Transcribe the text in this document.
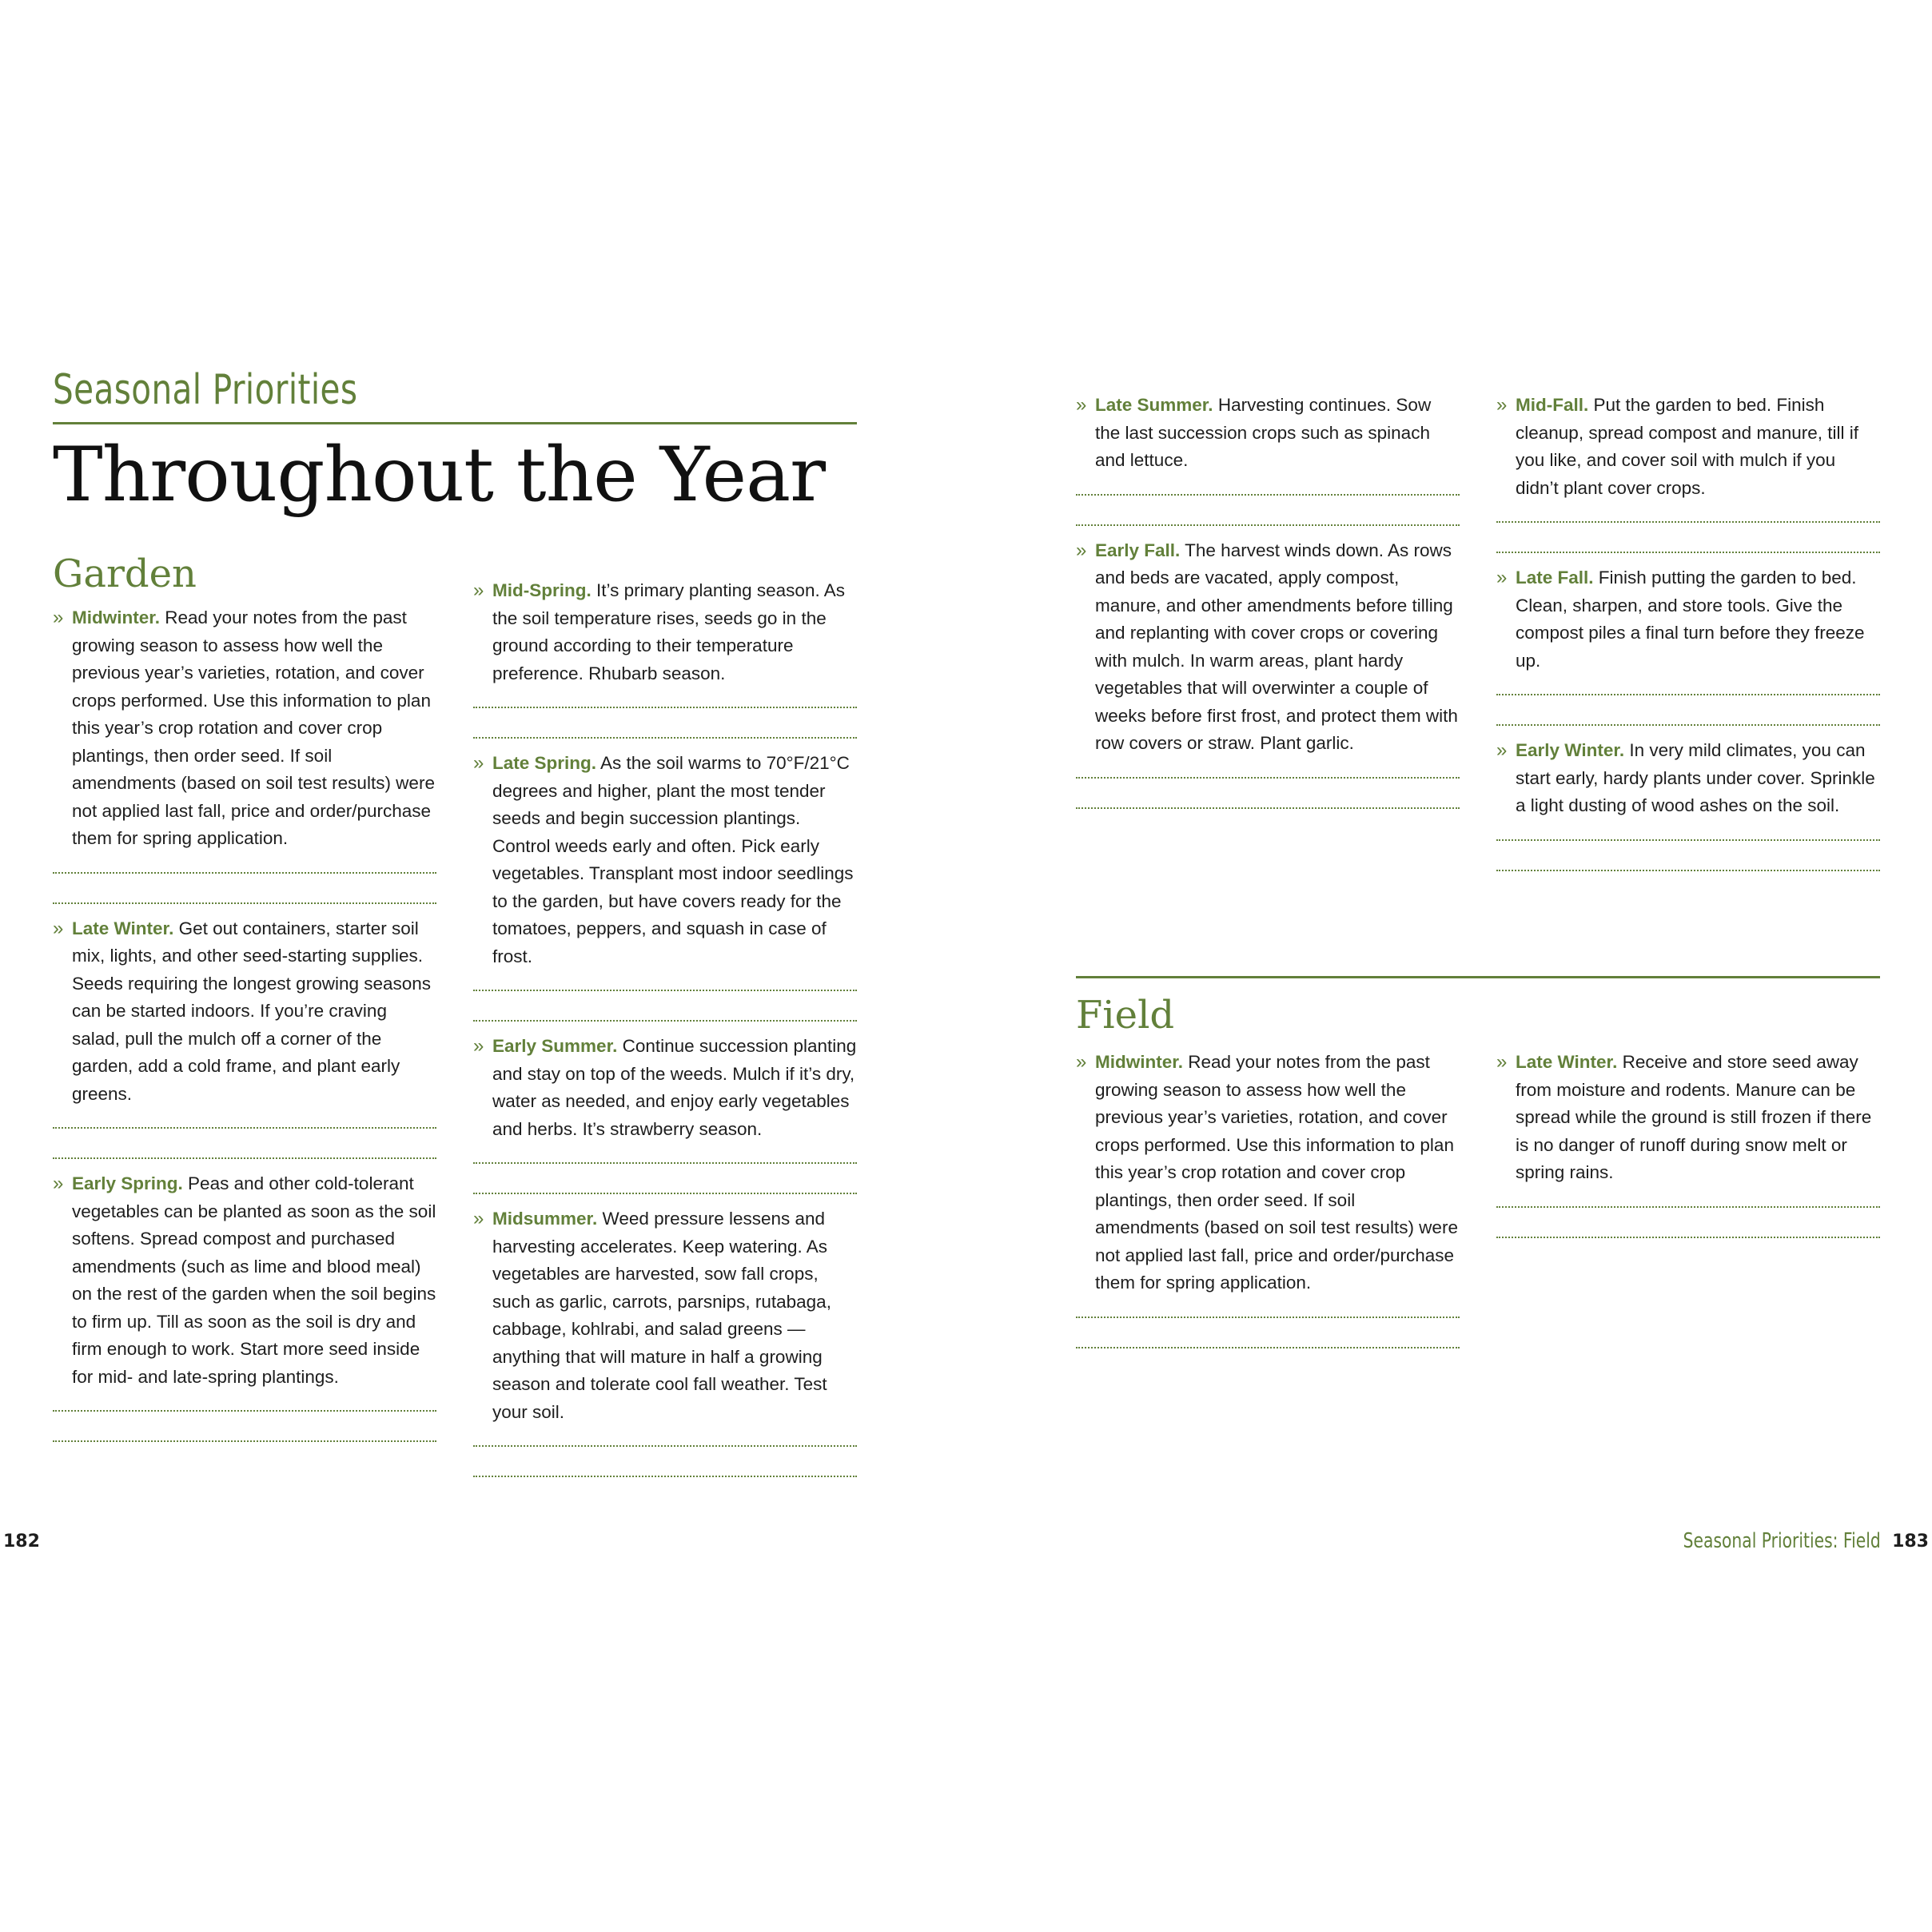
Seasonal Priorities
Throughout the Year
Garden
» Midwinter. Read your notes from the past growing season to assess how well the previous year’s varieties, rotation, and cover crops performed. Use this information to plan this year’s crop rotation and cover crop plantings, then order seed. If soil amendments (based on soil test results) were not applied last fall, price and order/purchase them for spring application.
» Late Winter. Get out containers, starter soil mix, lights, and other seed-starting supplies. Seeds requiring the longest growing seasons can be started indoors. If you’re craving salad, pull the mulch off a corner of the garden, add a cold frame, and plant early greens.
» Early Spring. Peas and other cold-tolerant vegetables can be planted as soon as the soil softens. Spread compost and purchased amendments (such as lime and blood meal) on the rest of the garden when the soil begins to firm up. Till as soon as the soil is dry and firm enough to work. Start more seed inside for mid- and late-spring plantings.
» Mid-Spring. It’s primary planting season. As the soil temperature rises, seeds go in the ground according to their temperature preference. Rhubarb season.
» Late Spring. As the soil warms to 70°F/21°C degrees and higher, plant the most tender seeds and begin succession plantings. Control weeds early and often. Pick early vegetables. Transplant most indoor seedlings to the garden, but have covers ready for the tomatoes, peppers, and squash in case of frost.
» Early Summer. Continue succession planting and stay on top of the weeds. Mulch if it’s dry, water as needed, and enjoy early vegetables and herbs. It’s strawberry season.
» Midsummer. Weed pressure lessens and harvesting accelerates. Keep watering. As vegetables are harvested, sow fall crops, such as garlic, carrots, parsnips, rutabaga, cabbage, kohlrabi, and salad greens — anything that will mature in half a growing season and tolerate cool fall weather. Test your soil.
» Late Summer. Harvesting continues. Sow the last succession crops such as spinach and lettuce.
» Early Fall. The harvest winds down. As rows and beds are vacated, apply compost, manure, and other amendments before tilling and replanting with cover crops or covering with mulch. In warm areas, plant hardy vegetables that will overwinter a couple of weeks before first frost, and protect them with row covers or straw. Plant garlic.
» Mid-Fall. Put the garden to bed. Finish cleanup, spread compost and manure, till if you like, and cover soil with mulch if you didn’t plant cover crops.
» Late Fall. Finish putting the garden to bed. Clean, sharpen, and store tools. Give the compost piles a final turn before they freeze up.
» Early Winter. In very mild climates, you can start early, hardy plants under cover. Sprinkle a light dusting of wood ashes on the soil.
Field
» Midwinter. Read your notes from the past growing season to assess how well the previous year’s varieties, rotation, and cover crops performed. Use this information to plan this year’s crop rotation and cover crop plantings, then order seed. If soil amendments (based on soil test results) were not applied last fall, price and order/purchase them for spring application.
» Late Winter. Receive and store seed away from moisture and rodents. Manure can be spread while the ground is still frozen if there is no danger of runoff during snow melt or spring rains.
182	Seasonal Priorities: Field 183
